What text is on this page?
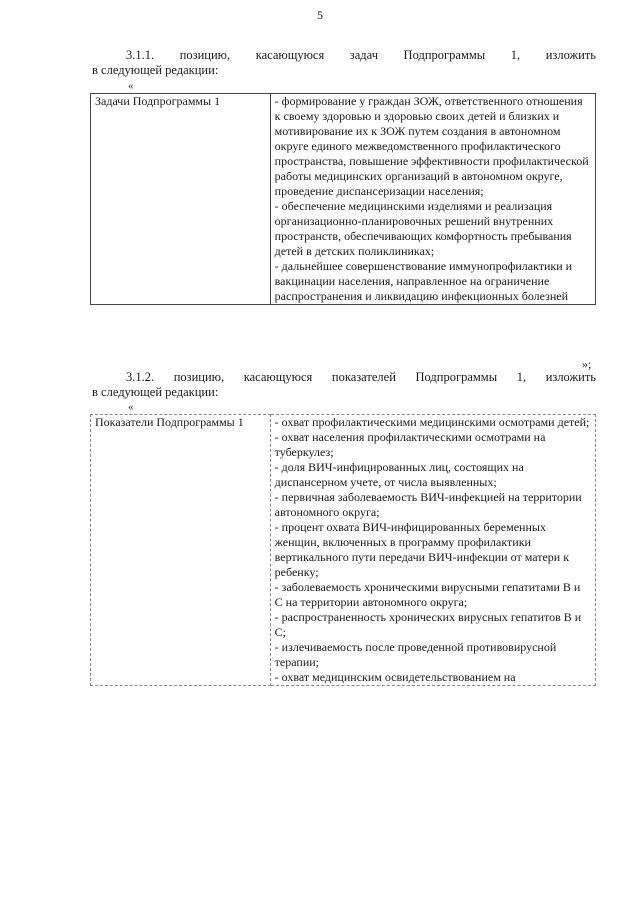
5
3.1.1. позицию, касающуюся задач Подпрограммы 1, изложить
в следующей редакции:
«
Задачи Подпрограммы 1	- формирование у граждан ЗОЖ, ответственного отношения к своему здоровью и здоровью своих детей и близких и мотивирование их к ЗОЖ путем создания в автономном округе единого межведомственного профилактического пространства, повышение эффективности профилактической работы медицинских организаций в автономном округе, проведение диспансеризации населения;

- обеспечение медицинскими изделиями и реализация организационно-планировочных решений внутренних пространств, обеспечивающих комфортность пребывания детей в детских поликлиниках;

- дальнейшее совершенствование иммунопрофилактики и вакцинации населения, направленное на ограничение распространения и ликвидацию инфекционных болезней

»;
3.1.2. позицию, касающуюся показателей Подпрограммы 1, изложить
в следующей редакции:
«
Показатели Подпрограммы 1	- охват профилактическими медицинскими осмотрами детей;

- охват населения профилактическими осмотрами на туберкулез;

- доля ВИЧ-инфицированных лиц, состоящих на диспансерном учете, от числа выявленных;

- первичная заболеваемость ВИЧ-инфекцией на территории автономного округа;

- процент охвата ВИЧ-инфицированных беременных женщин, включенных в программу профилактики вертикального пути передачи ВИЧ-инфекции от матери к ребенку;

- заболеваемость хроническими вирусными гепатитами В и С на территории автономного округа;

- распространенность хронических вирусных гепатитов В и С;

- излечиваемость после проведенной противовирусной терапии;

- охват медицинским освидетельствованием на
